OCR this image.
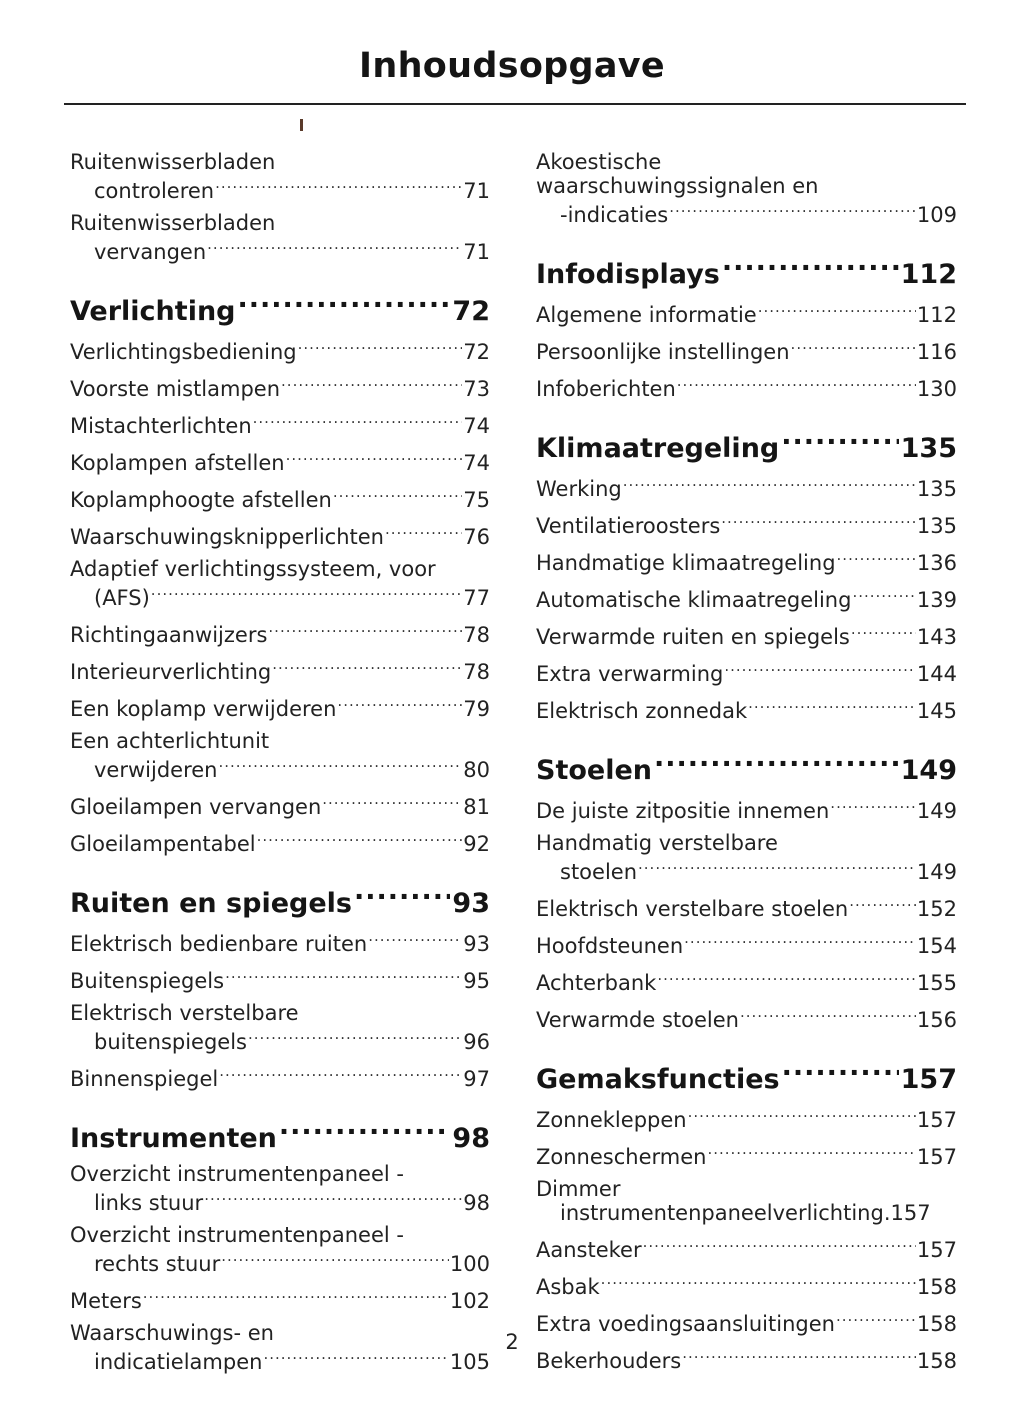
Inhoudsopgave
Ruitenwisserbladen
controleren .....	71
Ruitenwisserbladen
vervangen .....	71
Verlichting .....	72
Verlichtingsbediening .....	72
Voorste mistlampen .....	73
Mistachterlichten .....	74
Koplampen afstellen .....	74
Koplamphoogte afstellen .....	75
Waarschuwingsknipperlichten .....	76
Adaptief verlichtingssysteem, voor
(AFS) .....	77
Richtingaanwijzers .....	78
Interieurverlichting .....	78
Een koplamp verwijderen .....	79
Een achterlichtunit
verwijderen .....	80
Gloeilampen vervangen .....	81
Gloeilampentabel .....	92
Ruiten en spiegels .....	93
Elektrisch bedienbare ruiten .....	93
Buitenspiegels .....	95
Elektrisch verstelbare
buitenspiegels .....	96
Binnenspiegel .....	97
Instrumenten .....	98
Overzicht instrumentenpaneel -
links stuur .....	98
Overzicht instrumentenpaneel -
rechts stuur .....	100
Meters .....	102
Waarschuwings- en
indicatielampen .....	105
Akoestische
waarschuwingssignalen en
-indicaties .....	109
Infodisplays .....	112
Algemene informatie .....	112
Persoonlijke instellingen .....	116
Infoberichten .....	130
Klimaatregeling .....	135
Werking .....	135
Ventilatieroosters .....	135
Handmatige klimaatregeling .....	136
Automatische klimaatregeling .....	139
Verwarmde ruiten en spiegels .....	143
Extra verwarming .....	144
Elektrisch zonnedak .....	145
Stoelen .....	149
De juiste zitpositie innemen .....	149
Handmatig verstelbare
stoelen .....	149
Elektrisch verstelbare stoelen .....	152
Hoofdsteunen .....	154
Achterbank .....	155
Verwarmde stoelen .....	156
Gemaksfuncties .....	157
Zonnekleppen .....	157
Zonneschermen .....	157
Dimmer
instrumentenpaneelverlichting .157
Aansteker .....	157
Asbak .....	158
Extra voedingsaansluitingen .....	158
Bekerhouders .....	158
2
